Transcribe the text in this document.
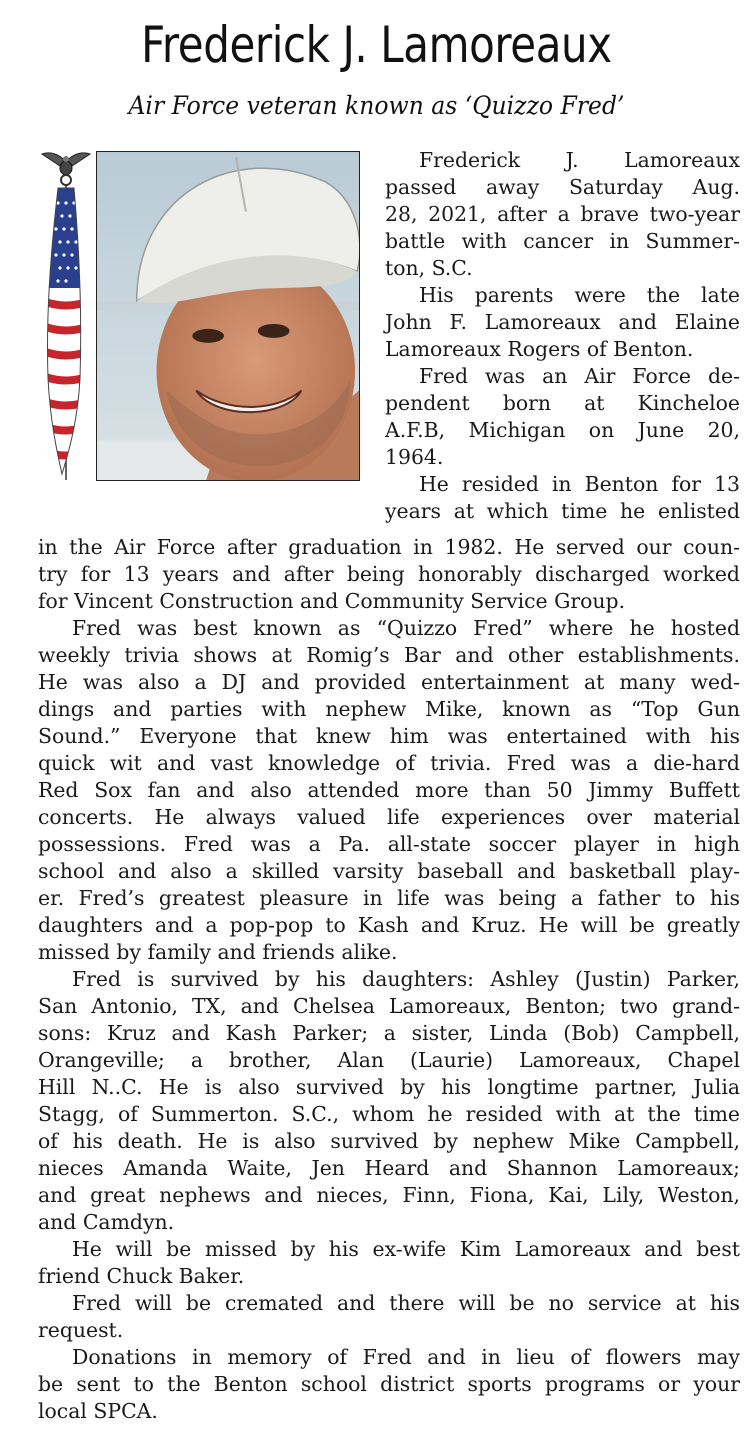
Frederick J. Lamoreaux
Air Force veteran known as ‘Quizzo Fred’
Frederick J. Lamoreaux
passed away Saturday Aug.
28, 2021, after a brave two-year
battle with cancer in Summer-
ton, S.C.
His parents were the late
John F. Lamoreaux and Elaine
Lamoreaux Rogers of Benton.
Fred was an Air Force de-
pendent born at Kincheloe
A.F.B, Michigan on June 20,
1964.
He resided in Benton for 13
years at which time he enlisted
in the Air Force after graduation in 1982. He served our coun-
try for 13 years and after being honorably discharged worked
for Vincent Construction and Community Service Group.
Fred was best known as “Quizzo Fred” where he hosted
weekly trivia shows at Romig’s Bar and other establishments.
He was also a DJ and provided entertainment at many wed-
dings and parties with nephew Mike, known as “Top Gun
Sound.” Everyone that knew him was entertained with his
quick wit and vast knowledge of trivia. Fred was a die-hard
Red Sox fan and also attended more than 50 Jimmy Buffett
concerts. He always valued life experiences over material
possessions. Fred was a Pa. all-state soccer player in high
school and also a skilled varsity baseball and basketball play-
er. Fred’s greatest pleasure in life was being a father to his
daughters and a pop-pop to Kash and Kruz. He will be greatly
missed by family and friends alike.
Fred is survived by his daughters: Ashley (Justin) Parker,
San Antonio, TX, and Chelsea Lamoreaux, Benton; two grand-
sons: Kruz and Kash Parker; a sister, Linda (Bob) Campbell,
Orangeville; a brother, Alan (Laurie) Lamoreaux, Chapel
Hill N..C. He is also survived by his longtime partner, Julia
Stagg, of Summerton. S.C., whom he resided with at the time
of his death. He is also survived by nephew Mike Campbell,
nieces Amanda Waite, Jen Heard and Shannon Lamoreaux;
and great nephews and nieces, Finn, Fiona, Kai, Lily, Weston,
and Camdyn.
He will be missed by his ex-wife Kim Lamoreaux and best
friend Chuck Baker.
Fred will be cremated and there will be no service at his
request.
Donations in memory of Fred and in lieu of flowers may
be sent to the Benton school district sports programs or your
local SPCA.
